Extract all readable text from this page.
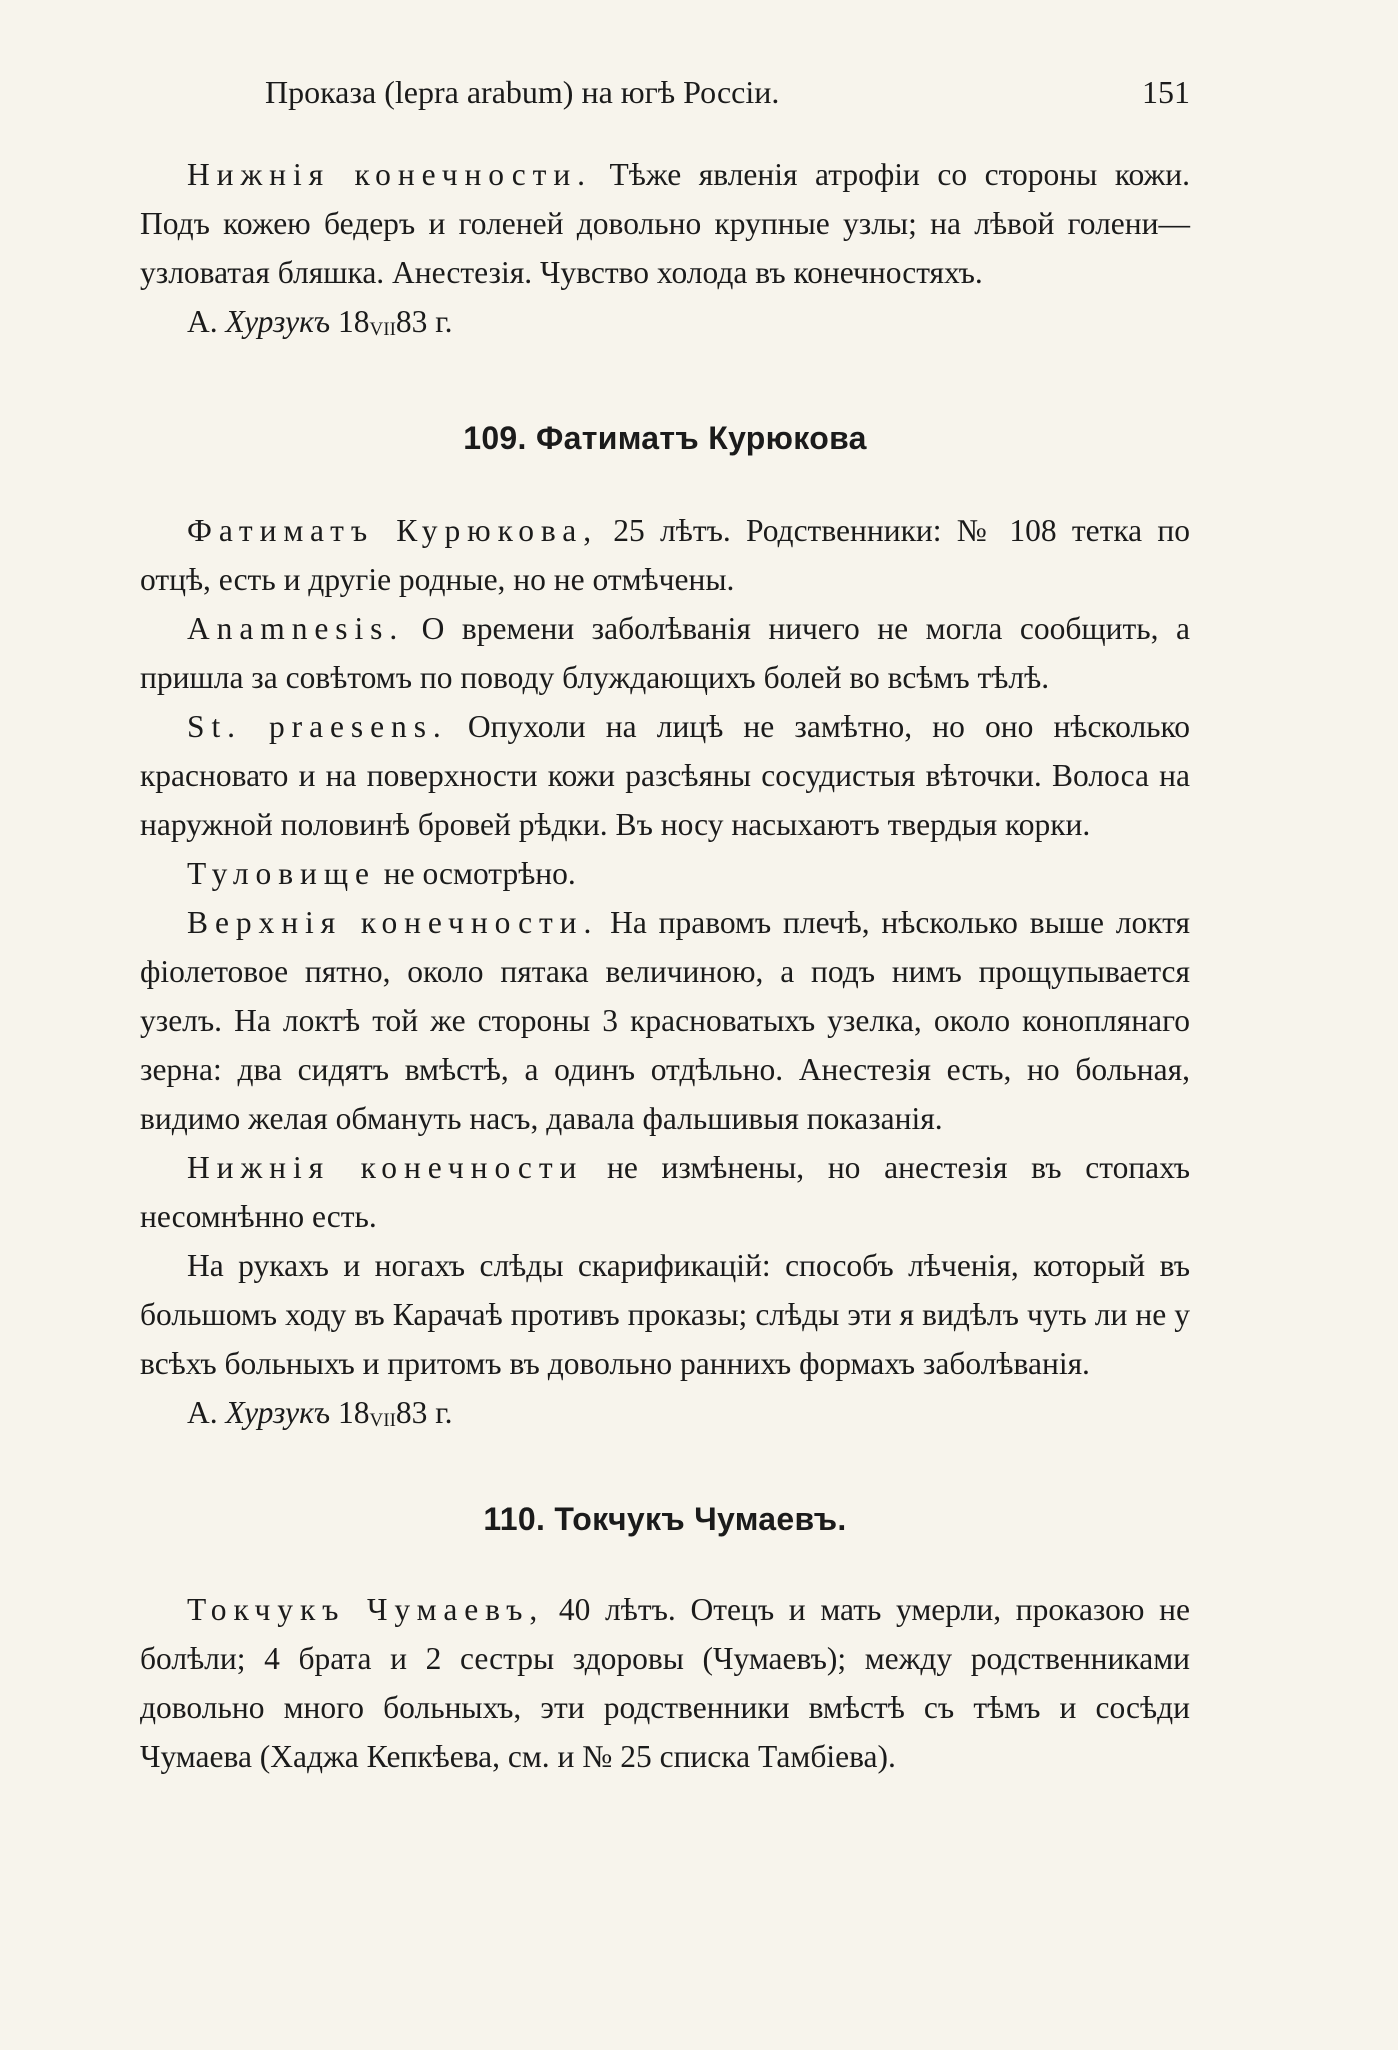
Проказа (lepra arabum) на югѣ Россіи.	151

Нижнія конечности. Тѣже явленія атрофіи со стороны кожи. Подъ кожею бедеръ и голеней довольно крупные узлы; на лѣвой голени—узловатая бляшка. Анестезія. Чувство холода въ конечностяхъ.

А. Хурзукъ $18_{VII}83$ г.

109. Фатиматъ Курюкова

Фатиматъ Курюкова, 25 лѣтъ. Родственники: № 108 тетка по отцѣ, есть и другіе родные, но не отмѣчены.

Anamnesis. О времени заболѣванія ничего не могла сообщить, а пришла за совѣтомъ по поводу блуждающихъ болей во всѣмъ тѣлѣ.

St. praesens. Опухоли на лицѣ не замѣтно, но оно нѣсколько красновато и на поверхности кожи разсѣяны сосудистыя вѣточки. Волоса на наружной половинѣ бровей рѣдки. Въ носу насыхаютъ твердыя корки.

Туловище не осмотрѣно.

Верхнія конечности. На правомъ плечѣ, нѣсколько выше локтя фіолетовое пятно, около пятака величиною, а подъ нимъ прощупывается узелъ. На локтѣ той же стороны 3 красноватыхъ узелка, около коноплянаго зерна: два сидятъ вмѣстѣ, а одинъ отдѣльно. Анестезія есть, но больная, видимо желая обмануть насъ, давала фальшивыя показанія.

Нижнія конечности не измѣнены, но анестезія въ стопахъ несомнѣнно есть.

На рукахъ и ногахъ слѣды скарификацій: способъ лѣченія, который въ большомъ ходу въ Карачаѣ противъ проказы; слѣды эти я видѣлъ чуть ли не у всѣхъ больныхъ и притомъ въ довольно раннихъ формахъ заболѣванія.

А. Хурзукъ $18_{VII}83$ г.

110. Токчукъ Чумаевъ.

Токчукъ Чумаевъ, 40 лѣтъ. Отецъ и мать умерли, проказою не болѣли; 4 брата и 2 сестры здоровы (Чумаевъ); между родственниками довольно много больныхъ, эти родственники вмѣстѣ съ тѣмъ и сосѣди Чумаева (Хаджа Кепкѣева, см. и № 25 списка Тамбіева).
